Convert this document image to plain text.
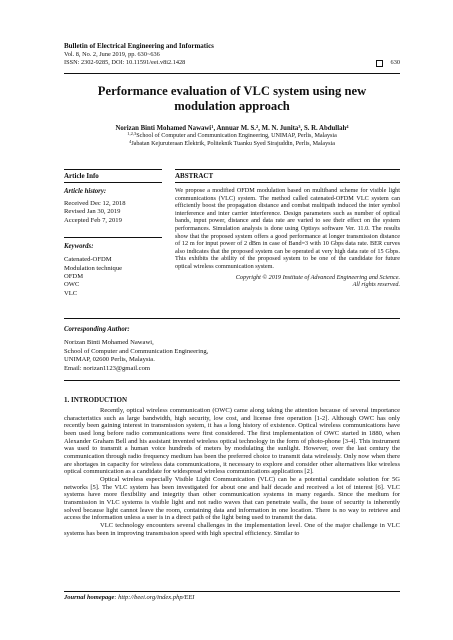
Bulletin of Electrical Engineering and Informatics
Vol. 8, No. 2, June 2019, pp. 630~636
ISSN: 2302-9285, DOI: 10.11591/eei.v8i2.1428	630
Performance evaluation of VLC system using new
modulation approach
Norizan Binti Mohamed Nawawi$^1$, Annuar M. S.$^2$, M. N. Junita$^3$, S. R. Abdullah$^4$
$^{1,2,3}$School of Computer and Communication Engineering, UNIMAP, Perlis, Malaysia
$^4$Jabatan Kejuruteraan Elektrik, Politeknik Tuanku Syed Sirajuddin, Perlis, Malaysia
Article Info
Article history:
Received Dec 12, 2018
Revised Jan 30, 2019
Accepted Feb 7, 2019
Keywords:
Catenated-OFDM
Modulation technique
OFDM
OWC
VLC
ABSTRACT
We propose a modified OFDM modulation based on multiband scheme for visible light communications (VLC) system. The method called catenated-OFDM VLC system can efficiently boost the propagation distance and combat multipath induced the inter symbol interference and inter carrier interference. Design parameters such as number of optical bands, input power, distance and data rate are varied to see their effect on the system performances. Simulation analysis is done using Optisys software Ver. 11.0. The results show that the proposed system offers a good performance at longer transmission distance of 12 m for input power of 2 dBm in case of Band=3 with 10 Gbps data rate. BER curves also indicates that the proposed system can be operated at very high data rate of 15 Gbps. This exhibits the ability of the proposed system to be one of the candidate for future optical wireless communication system.
Copyright © 2019 Institute of Advanced Engineering and Science.
All rights reserved.
Corresponding Author:
Norizan Binti Mohamed Nawawi,
School of Computer and Communication Engineering,
UNIMAP, 02600 Perlis, Malaysia.
Email: norizan1123@gmail.com
1. INTRODUCTION

Recently, optical wireless communication (OWC) came along taking the attention because of several importance characteristics such as large bandwidth, high security, low cost, and license free operation [1-2]. Although OWC has only recently been gaining interest in transmission system, it has a long history of existence. Optical wireless communications have been used long before radio communications were first considered. The first implementation of OWC started in 1880, when Alexander Graham Bell and his assistant invented wireless optical technology in the form of photo-phone [3-4]. This instrument was used to transmit a human voice hundreds of meters by modulating the sunlight. However, over the last century the communication through radio frequency medium has been the preferred choice to transmit data wirelessly. Only now when there are shortages in capacity for wireless data communications, it necessary to explore and consider other alternatives like wireless optical communication as a candidate for widespread wireless communications applications [2].

Optical wireless especially Visible Light Communication (VLC) can be a potential candidate solution for 5G networks [5]. The VLC system has been investigated for about one and half decade and received a lot of interest [6]. VLC systems have more flexibility and integrity than other communication systems in many regards. Since the medium for transmission in VLC systems is visible light and not radio waves that can penetrate walls, the issue of security is inherently solved because light cannot leave the room, containing data and information in one location. There is no way to retrieve and access the information unless a user is in a direct path of the light being used to transmit the data.

VLC technology encounters several challenges in the implementation level. One of the major challenge in VLC systems has been in improving transmission speed with high spectral efficiency. Similar to

Journal homepage: http://beei.org/index.php/EEI
